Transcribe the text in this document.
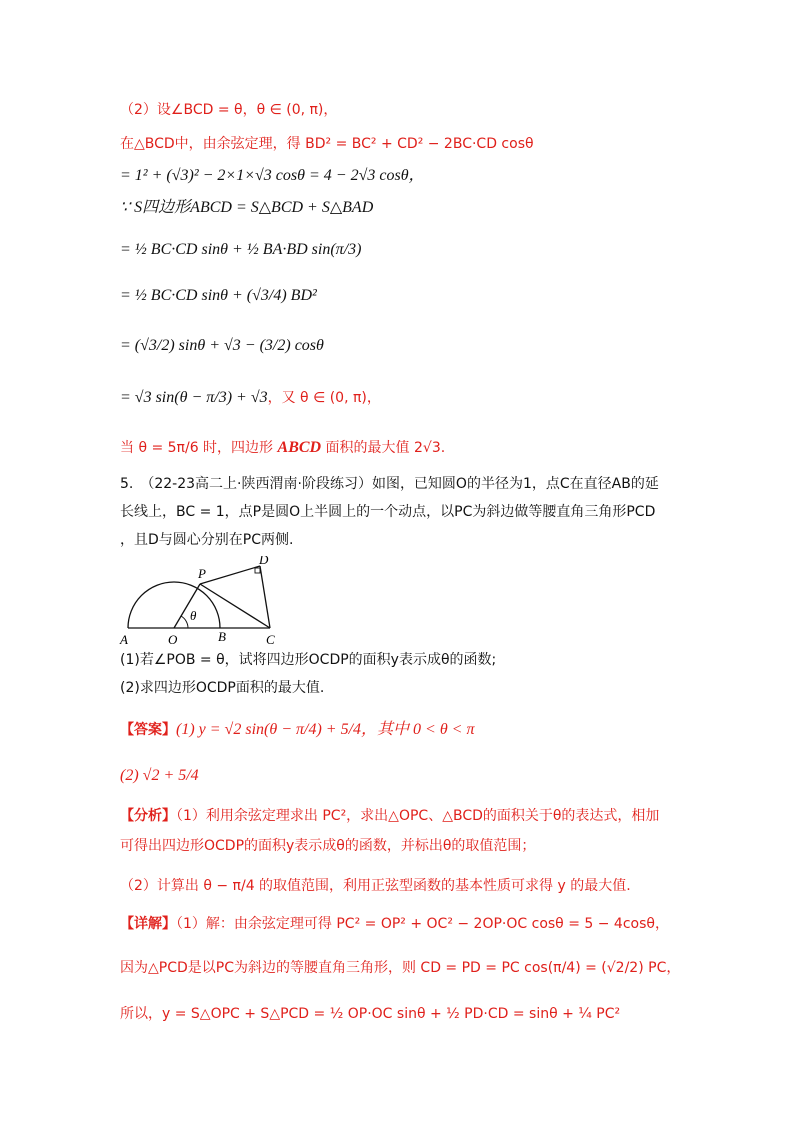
（2）设∠BCD = θ，θ ∈ (0, π)，
在△BCD中，由余弦定理，得 BD² = BC² + CD² − 2BC·CD cosθ
= 1² + (√3)² − 2×1×√3 cosθ = 4 − 2√3 cosθ，
∵ S四边形ABCD = S△BCD + S△BAD
= ½ BC·CD sinθ + ½ BA·BD sin(π/3)
= ½ BC·CD sinθ + (√3/4) BD²
= (√3/2) sinθ + √3 − (3/2) cosθ
= √3 sin(θ − π/3) + √3，又 θ ∈ (0, π)，
当 θ = 5π/6 时，四边形 ABCD 面积的最大值 2√3.
5.　（22-23高二上·陕西渭南·阶段练习）如图，已知圆O的半径为1，点C在直径AB的延
长线上，BC = 1，点P是圆O上半圆上的一个动点，以PC为斜边做等腰直角三角形PCD
，且D与圆心分别在PC两侧.
A	O	B	C
P
D
θ
(1)若∠POB = θ，试将四边形OCDP的面积y表示成θ的函数;
(2)求四边形OCDP面积的最大值.
【答案】(1) y = √2 sin(θ − π/4) + 5/4，其中 0 < θ < π
(2) √2 + 5/4
【分析】（1）利用余弦定理求出 PC²，求出△OPC、△BCD的面积关于θ的表达式，相加
可得出四边形OCDP的面积y表示成θ的函数，并标出θ的取值范围；
（2）计算出 θ − π/4 的取值范围，利用正弦型函数的基本性质可求得 y 的最大值.
【详解】（1）解：由余弦定理可得 PC² = OP² + OC² − 2OP·OC cosθ = 5 − 4cosθ，
因为△PCD是以PC为斜边的等腰直角三角形，则 CD = PD = PC cos(π/4) = (√2/2) PC，
所以，y = S△OPC + S△PCD = ½ OP·OC sinθ + ½ PD·CD = sinθ + ¼ PC²
